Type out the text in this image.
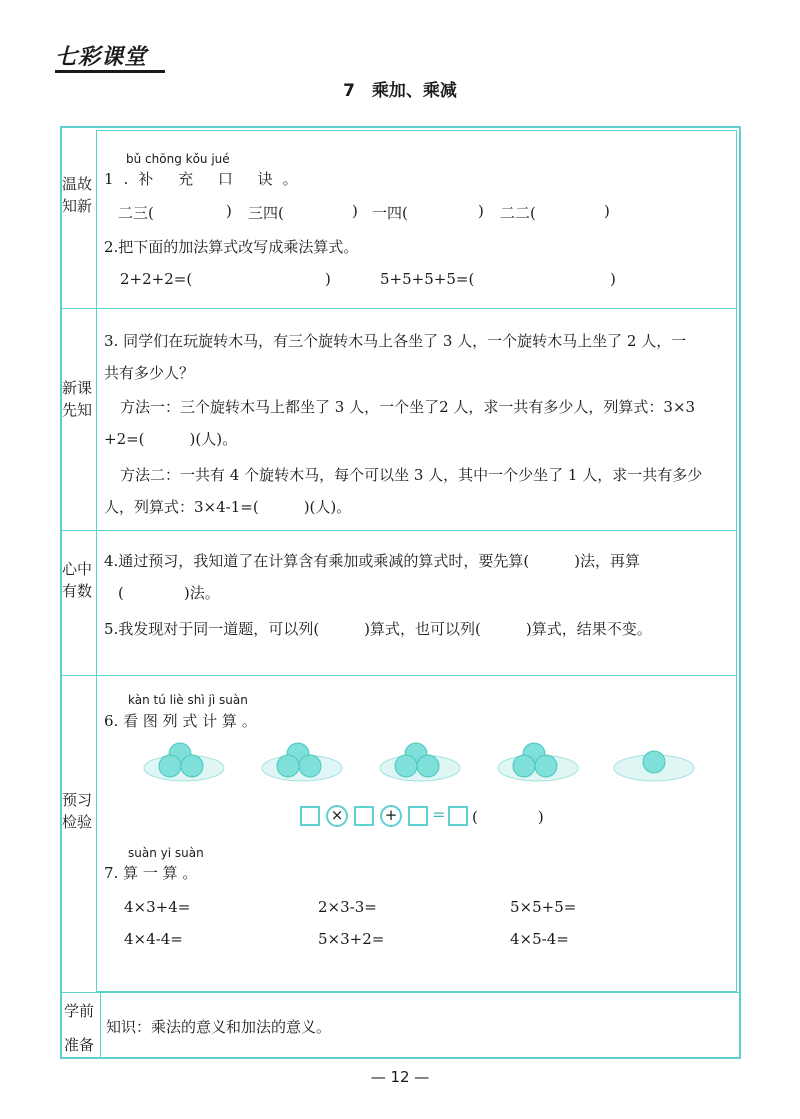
七彩课堂
7　乘加、乘减
温故知新
新课先知
心中有数
预习检验
学前
准备
bǔ chōng kǒu jué
1.补 充 口 诀。
二三(	) 三四(	) 一四(	) 二二(	)
2.把下面的加法算式改写成乘法算式。
2+2+2=(	)	5+5+5+5=(	)
3. 同学们在玩旋转木马，有三个旋转木马上各坐了 3 人，一个旋转木马上坐了 2 人，一
共有多少人？
方法一：三个旋转木马上都坐了 3 人，一个坐了2 人，求一共有多少人，列算式：3×3
+2=(　　　)(人)。
方法二：一共有 4 个旋转木马，每个可以坐 3 人，其中一个少坐了 1 人，求一共有多少
人，列算式：3×4-1=(　　　)(人)。
4.通过预习，我知道了在计算含有乘加或乘减的算式时，要先算(　　　)法，再算
(　　　　)法。
5.我发现对于同一道题，可以列(　　　)算式，也可以列(　　　)算式，结果不变。
kàn tú liè shì jì suàn
6. 看 图 列 式 计 算 。
×	+ = (　　　　)
suàn yi suàn
7. 算 一 算 。
4×3+4=	2×3-3=	5×5+5=
4×4-4=	5×3+2=	4×5-4=
知识：乘法的意义和加法的意义。
— 12 —
